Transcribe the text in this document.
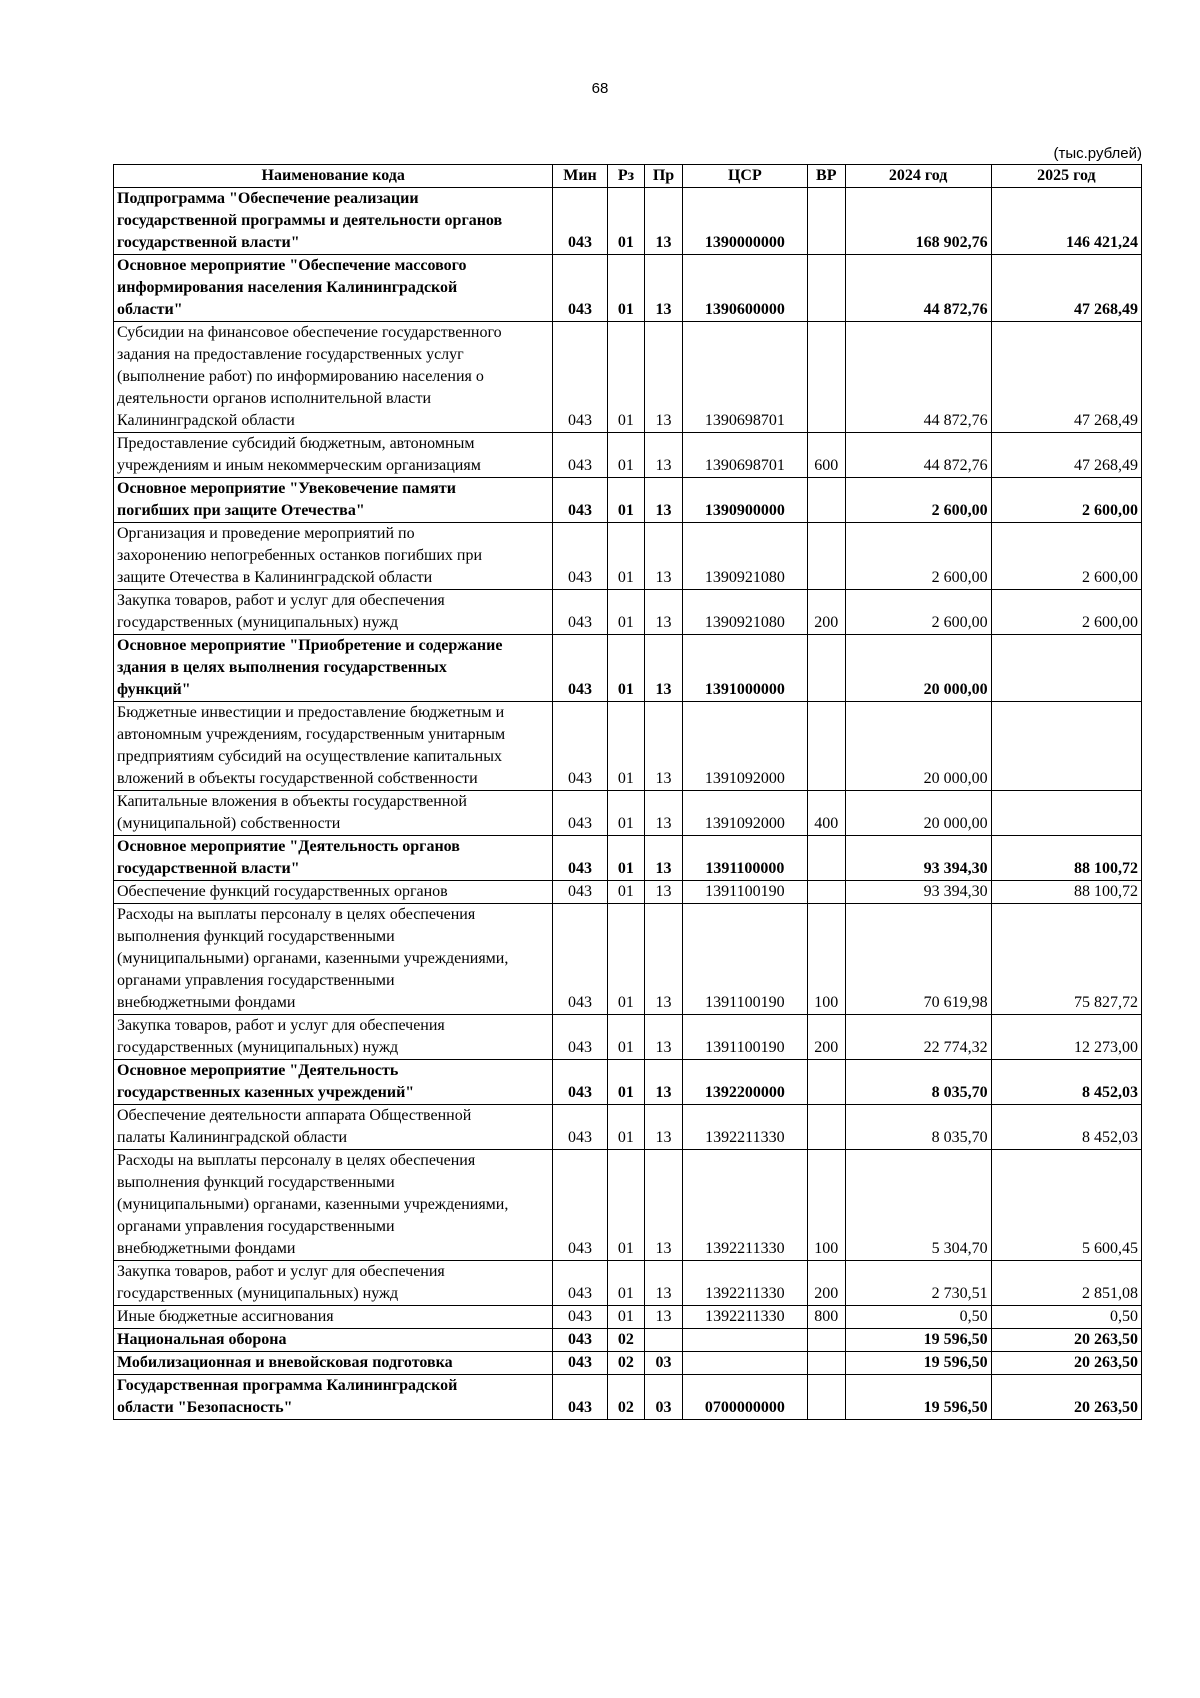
68
(тыс.рублей)
Наименование кода	Мин	Рз	Пр	ЦСР	ВР	2024 год	2025 год
Подпрограмма "Обеспечение реализации
государственной программы и деятельности органов
государственной власти"	043	01	13	1390000000		168 902,76	146 421,24
Основное мероприятие "Обеспечение массового
информирования населения Калининградской
области"	043	01	13	1390600000		44 872,76	47 268,49
Субсидии на финансовое обеспечение государственного
задания на предоставление государственных услуг
(выполнение работ) по информированию населения о
деятельности органов исполнительной власти
Калининградской области	043	01	13	1390698701		44 872,76	47 268,49
Предоставление субсидий бюджетным, автономным
учреждениям и иным некоммерческим организациям	043	01	13	1390698701	600	44 872,76	47 268,49
Основное мероприятие "Увековечение памяти
погибших при защите Отечества"	043	01	13	1390900000		2 600,00	2 600,00
Организация и проведение мероприятий по
захоронению непогребенных останков погибших при
защите Отечества в Калининградской области	043	01	13	1390921080		2 600,00	2 600,00
Закупка товаров, работ и услуг для обеспечения
государственных (муниципальных) нужд	043	01	13	1390921080	200	2 600,00	2 600,00
Основное мероприятие "Приобретение и содержание
здания в целях выполнения государственных
функций"	043	01	13	1391000000		20 000,00	
Бюджетные инвестиции и предоставление бюджетным и
автономным учреждениям, государственным унитарным
предприятиям субсидий на осуществление капитальных
вложений в объекты государственной собственности	043	01	13	1391092000		20 000,00	
Капитальные вложения в объекты государственной
(муниципальной) собственности	043	01	13	1391092000	400	20 000,00	
Основное мероприятие "Деятельность органов
государственной власти"	043	01	13	1391100000		93 394,30	88 100,72
Обеспечение функций государственных органов	043	01	13	1391100190		93 394,30	88 100,72
Расходы на выплаты персоналу в целях обеспечения
выполнения функций государственными
(муниципальными) органами, казенными учреждениями,
органами управления государственными
внебюджетными фондами	043	01	13	1391100190	100	70 619,98	75 827,72
Закупка товаров, работ и услуг для обеспечения
государственных (муниципальных) нужд	043	01	13	1391100190	200	22 774,32	12 273,00
Основное мероприятие "Деятельность
государственных казенных учреждений"	043	01	13	1392200000		8 035,70	8 452,03
Обеспечение деятельности аппарата Общественной
палаты Калининградской области	043	01	13	1392211330		8 035,70	8 452,03
Расходы на выплаты персоналу в целях обеспечения
выполнения функций государственными
(муниципальными) органами, казенными учреждениями,
органами управления государственными
внебюджетными фондами	043	01	13	1392211330	100	5 304,70	5 600,45
Закупка товаров, работ и услуг для обеспечения
государственных (муниципальных) нужд	043	01	13	1392211330	200	2 730,51	2 851,08
Иные бюджетные ассигнования	043	01	13	1392211330	800	0,50	0,50
Национальная оборона	043	02				19 596,50	20 263,50
Мобилизационная и вневойсковая подготовка	043	02	03			19 596,50	20 263,50
Государственная программа Калининградской
области "Безопасность"	043	02	03	0700000000		19 596,50	20 263,50
